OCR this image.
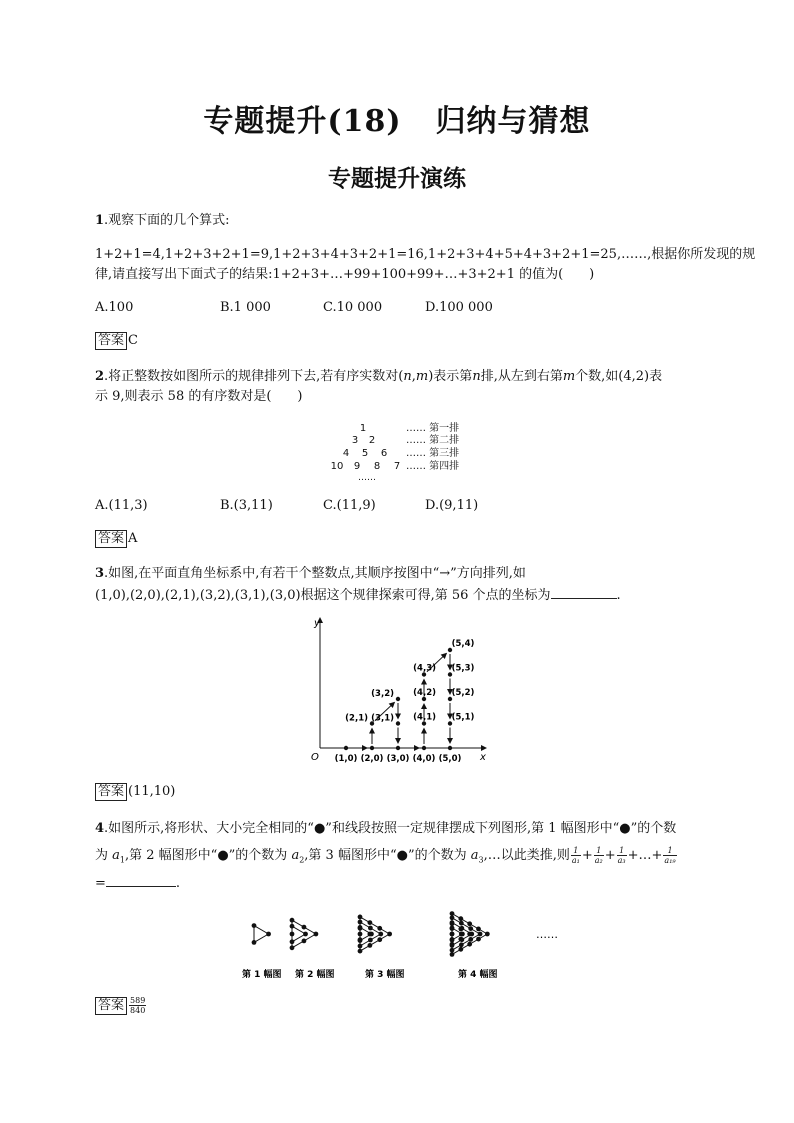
专题提升(18) 归纳与猜想
专题提升演练
1.观察下面的几个算式:
1+2+1=4,1+2+3+2+1=9,1+2+3+4+3+2+1=16,1+2+3+4+5+4+3+2+1=25,……,根据你所发现的规
律,请直接写出下面式子的结果:1+2+3+…+99+100+99+…+3+2+1 的值为(　　)
A.100	B.1 000	C.10 000	D.100 000
答案 C
2.将正整数按如图所示的规律排列下去,若有序实数对(n,m)表示第n排,从左到右第m个数,如(4,2)表
示 9,则表示 58 的有序数对是(　　)
1
3 2
4 5 6
10 9 8 7
……
…… 第一排
…… 第二排
…… 第三排
…… 第四排
A.(11,3)	B.(3,11)	C.(11,9)	D.(9,11)
答案 A
3.如图,在平面直角坐标系中,有若干个整数点,其顺序按图中“→”方向排列,如
(1,0),(2,0),(2,1),(3,2),(3,1),(3,0)根据这个规律探索可得,第 56 个点的坐标为	.
y
x
O (1,0) (2,0) (3,0) (4,0) (5,0)
(2,1)
(3,2)
(3,1)
(4,3)
(4,2)
(4,1)
(5,4)
(5,3)
(5,2)
(5,1)
答案 (11,10)
4.如图所示,将形状、大小完全相同的“●”和线段按照一定规律摆成下列图形,第 1 幅图形中“●”的个数
为 $a_1$,第 2 幅图形中“●”的个数为 $a_2$,第 3 幅图形中“●”的个数为 $a_3,\dots$以此类推,则 $\frac{1}{\text{a₁}} + \frac{1}{\text{a₂}} + \frac{1}{\text{a₃}}$ +…+ $\frac{1}{\text{a₁₉}}$
=	.
……
第 1 幅图 第 2 幅图	第 3 幅图	第 4 幅图
答案 $\frac{589}{840}$
